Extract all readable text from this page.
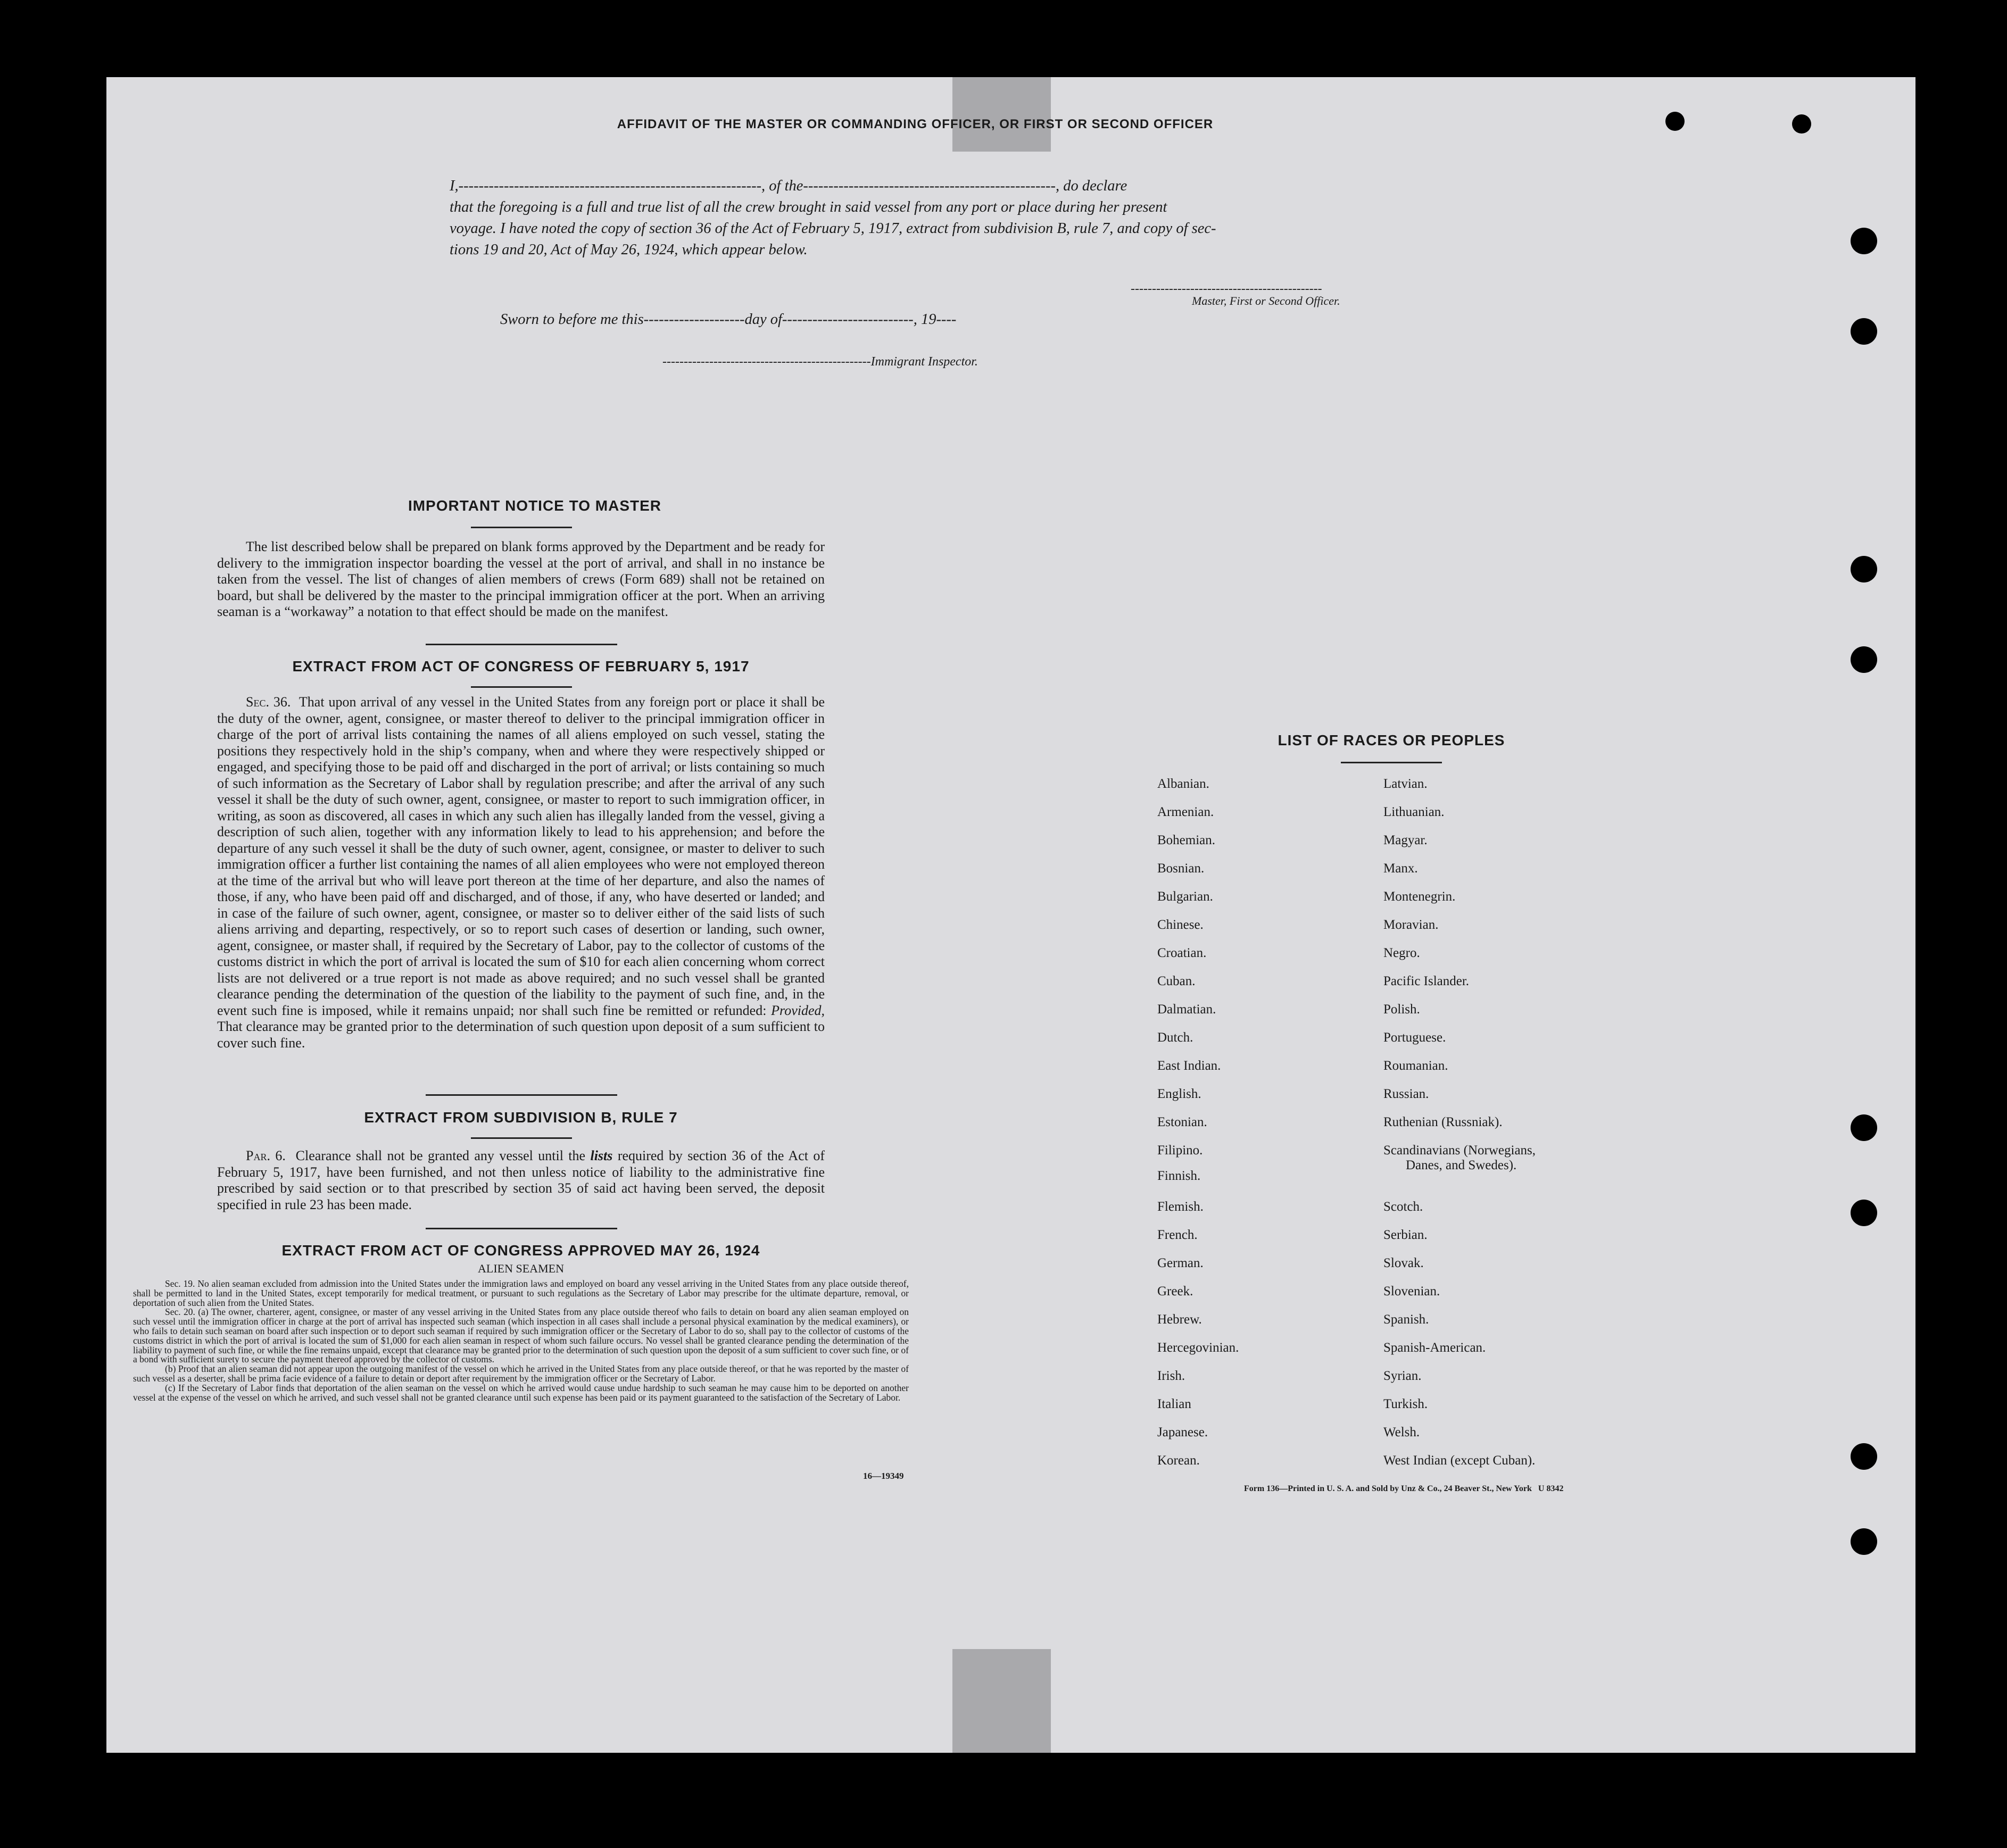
AFFIDAVIT OF THE MASTER OR COMMANDING OFFICER, OR FIRST OR SECOND OFFICER
I,------------------------------------------------------------, of the--------------------------------------------------, do declare
that the foregoing is a full and true list of all the crew brought in said vessel from any port or place during her present
voyage. I have noted the copy of section 36 of the Act of February 5, 1917, extract from subdivision B, rule 7, and copy of sec-
tions 19 and 20, Act of May 26, 1924, which appear below.
---------------------------------------------
Master, First or Second Officer.
Sworn to before me this--------------------day of--------------------------, 19----
-------------------------------------------------Immigrant Inspector.
IMPORTANT NOTICE TO MASTER

The list described below shall be prepared on blank forms approved by the Department and be ready for delivery to the immigration inspector boarding the vessel at the port of arrival, and shall in no instance be taken from the vessel. The list of changes of alien members of crews (Form 689) shall not be retained on board, but shall be delivered by the master to the principal immigration officer at the port. When an arriving seaman is a “workaway” a notation to that effect should be made on the manifest.

EXTRACT FROM ACT OF CONGRESS OF FEBRUARY 5, 1917

Sec. 36. That upon arrival of any vessel in the United States from any foreign port or place it shall be the duty of the owner, agent, consignee, or master thereof to deliver to the principal immigration officer in charge of the port of arrival lists containing the names of all aliens employed on such vessel, stating the positions they respectively hold in the ship’s company, when and where they were respectively shipped or engaged, and specifying those to be paid off and discharged in the port of arrival; or lists containing so much of such information as the Secretary of Labor shall by regulation prescribe; and after the arrival of any such vessel it shall be the duty of such owner, agent, consignee, or master to report to such immigration officer, in writing, as soon as discovered, all cases in which any such alien has illegally landed from the vessel, giving a description of such alien, together with any information likely to lead to his apprehension; and before the departure of any such vessel it shall be the duty of such owner, agent, consignee, or master to deliver to such immigration officer a further list containing the names of all alien employees who were not employed thereon at the time of the arrival but who will leave port thereon at the time of her departure, and also the names of those, if any, who have been paid off and discharged, and of those, if any, who have deserted or landed; and in case of the failure of such owner, agent, consignee, or master so to deliver either of the said lists of such aliens arriving and departing, respectively, or so to report such cases of desertion or landing, such owner, agent, consignee, or master shall, if required by the Secretary of Labor, pay to the collector of customs of the customs district in which the port of arrival is located the sum of $10 for each alien concerning whom correct lists are not delivered or a true report is not made as above required; and no such vessel shall be granted clearance pending the determination of the question of the liability to the payment of such fine, and, in the event such fine is imposed, while it remains unpaid; nor shall such fine be remitted or refunded: Provided, That clearance may be granted prior to the determination of such question upon deposit of a sum sufficient to cover such fine.

EXTRACT FROM SUBDIVISION B, RULE 7

Par. 6. Clearance shall not be granted any vessel until the lists required by section 36 of the Act of February 5, 1917, have been furnished, and not then unless notice of liability to the administrative fine prescribed by said section or to that prescribed by section 35 of said act having been served, the deposit specified in rule 23 has been made.

EXTRACT FROM ACT OF CONGRESS APPROVED MAY 26, 1924
ALIEN SEAMEN

Sec. 19. No alien seaman excluded from admission into the United States under the immigration laws and employed on board any vessel arriving in the United States from any place outside thereof, shall be permitted to land in the United States, except temporarily for medical treatment, or pursuant to such regulations as the Secretary of Labor may prescribe for the ultimate departure, removal, or deportation of such alien from the United States.

Sec. 20. (a) The owner, charterer, agent, consignee, or master of any vessel arriving in the United States from any place outside thereof who fails to detain on board any alien seaman employed on such vessel until the immigration officer in charge at the port of arrival has inspected such seaman (which inspection in all cases shall include a personal physical examination by the medical examiners), or who fails to detain such seaman on board after such inspection or to deport such seaman if required by such immigration officer or the Secretary of Labor to do so, shall pay to the collector of customs of the customs district in which the port of arrival is located the sum of $1,000 for each alien seaman in respect of whom such failure occurs. No vessel shall be granted clearance pending the determination of the liability to payment of such fine, or while the fine remains unpaid, except that clearance may be granted prior to the determination of such question upon the deposit of a sum sufficient to cover such fine, or of a bond with sufficient surety to secure the payment thereof approved by the collector of customs.

(b) Proof that an alien seaman did not appear upon the outgoing manifest of the vessel on which he arrived in the United States from any place outside thereof, or that he was reported by the master of such vessel as a deserter, shall be prima facie evidence of a failure to detain or deport after requirement by the immigration officer or the Secretary of Labor.

(c) If the Secretary of Labor finds that deportation of the alien seaman on the vessel on which he arrived would cause undue hardship to such seaman he may cause him to be deported on another vessel at the expense of the vessel on which he arrived, and such vessel shall not be granted clearance until such expense has been paid or its payment guaranteed to the satisfaction of the Secretary of Labor.

16—19349
LIST OF RACES OR PEOPLES
Albanian.
Armenian.
Bohemian.
Bosnian.
Bulgarian.
Chinese.
Croatian.
Cuban.
Dalmatian.
Dutch.
East Indian.
English.
Estonian.
Filipino.
Finnish.
Flemish.
French.
German.
Greek.
Hebrew.
Hercegovinian.
Irish.
Italian
Japanese.
Korean.
Latvian.
Lithuanian.
Magyar.
Manx.
Montenegrin.
Moravian.
Negro.
Pacific Islander.
Polish.
Portuguese.
Roumanian.
Russian.
Ruthenian (Russniak).
Scandinavians (Norwegians,
Danes, and Swedes).
Scotch.
Serbian.
Slovak.
Slovenian.
Spanish.
Spanish-American.
Syrian.
Turkish.
Welsh.
West Indian (except Cuban).
Form 136—Printed in U. S. A. and Sold by Unz & Co., 24 Beaver St., New York   U 8342
